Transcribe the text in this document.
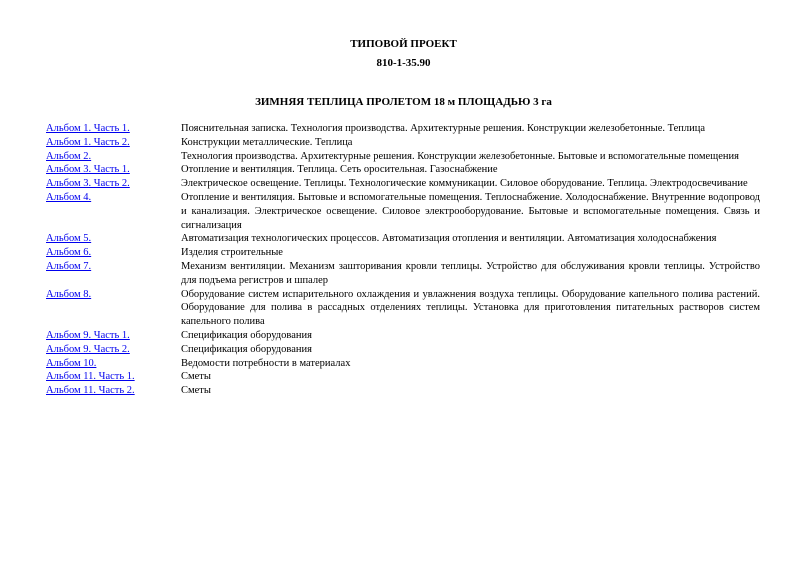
ТИПОВОЙ ПРОЕКТ
810-1-35.90
ЗИМНЯЯ ТЕПЛИЦА ПРОЛЕТОМ 18 м ПЛОЩАДЬЮ 3 га
Альбом 1. Часть 1.	Пояснительная записка. Технология производства. Архитектурные решения. Конструкции железобетонные. Теплица
Альбом 1. Часть 2.	Конструкции металлические. Теплица
Альбом 2.	Технология производства. Архитектурные решения. Конструкции железобетонные. Бытовые и вспомогательные помещения
Альбом 3. Часть 1.	Отопление и вентиляция. Теплица. Сеть оросительная. Газоснабжение
Альбом 3. Часть 2.	Электрическое освещение. Теплицы. Технологические коммуникации. Силовое оборудование. Теплица. Электродосвечивание
Альбом 4.	Отопление и вентиляция. Бытовые и вспомогательные помещения. Теплоснабжение. Холодоснабжение. Внутренние водопровод и канализация. Электрическое освещение. Силовое электрооборудование. Бытовые и вспомогательные помещения. Связь и сигнализация
Альбом 5.	Автоматизация технологических процессов. Автоматизация отопления и вентиляции. Автоматизация холодоснабжения
Альбом 6.	Изделия строительные
Альбом 7.	Механизм вентиляции. Механизм зашторивания кровли теплицы. Устройство для обслуживания кровли теплицы. Устройство для подъема регистров и шпалер
Альбом 8.	Оборудование систем испарительного охлаждения и увлажнения воздуха теплицы. Оборудование капельного полива растений. Оборудование для полива в рассадных отделениях теплицы. Установка для приготовления питательных растворов систем капельного полива
Альбом 9. Часть 1.	Спецификация оборудования
Альбом 9. Часть 2.	Спецификация оборудования
Альбом 10.	Ведомости потребности в материалах
Альбом 11. Часть 1.	Сметы
Альбом 11. Часть 2.	Сметы
